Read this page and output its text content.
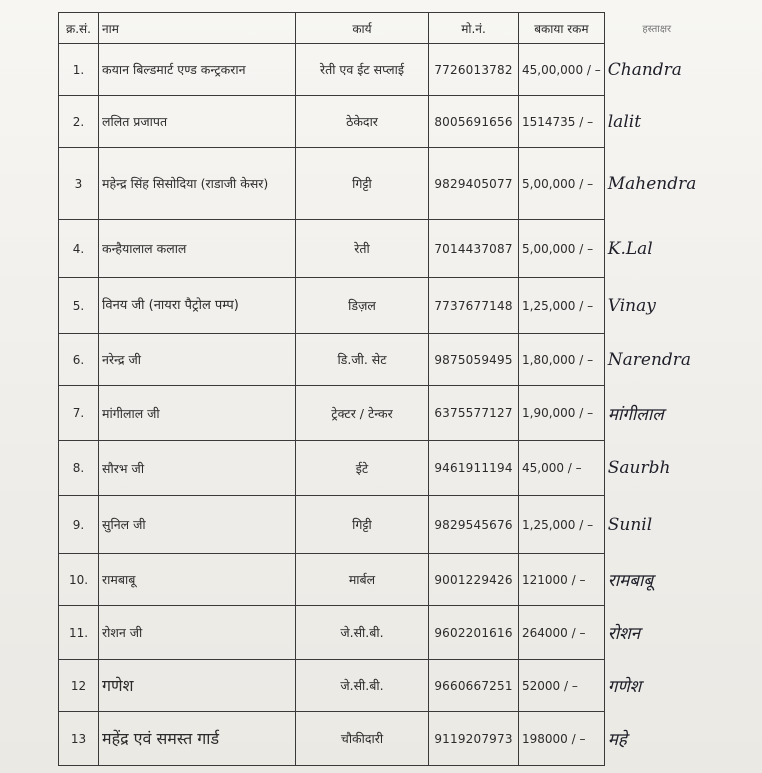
क्र.सं.	नाम	कार्य	मो.नं.	बकाया रकम	हस्ताक्षर
1.	कयान बिल्डमार्ट एण्ड कन्ट्रकरान	रेती एव ईट सप्लाई	7726013782	45,00,000 / –	Chandra
2.	ललित प्रजापत	ठेकेदार	8005691656	1514735 / –	lalit
3	महेन्द्र सिंह सिसोदिया (राडाजी केसर)	गिट्टी	9829405077	5,00,000 / –	Mahendra
4.	कन्हैयालाल कलाल	रेती	7014437087	5,00,000 / –	K.Lal
5.	विनय जी (नायरा पैट्रोल पम्प)	डिज़ल	7737677148	1,25,000 / –	Vinay
6.	नरेन्द्र जी	डि.जी. सेट	9875059495	1,80,000 / –	Narendra
7.	मांगीलाल जी	ट्रेक्टर / टेन्कर	6375577127	1,90,000 / –	मांगीलाल
8.	सौरभ जी	ईटे	9461911194	45,000 / –	Saurbh
9.	सुनिल जी	गिट्टी	9829545676	1,25,000 / –	Sunil
10.	रामबाबू	मार्बल	9001229426	121000 / –	रामबाबू
11.	रोशन जी	जे.सी.बी.	9602201616	264000 / –	रोशन
12	गणेश	जे.सी.बी.	9660667251	52000 / –	गणेश
13	महेंद्र एवं समस्त गार्ड	चौकीदारी	9119207973	198000 / –	महे
